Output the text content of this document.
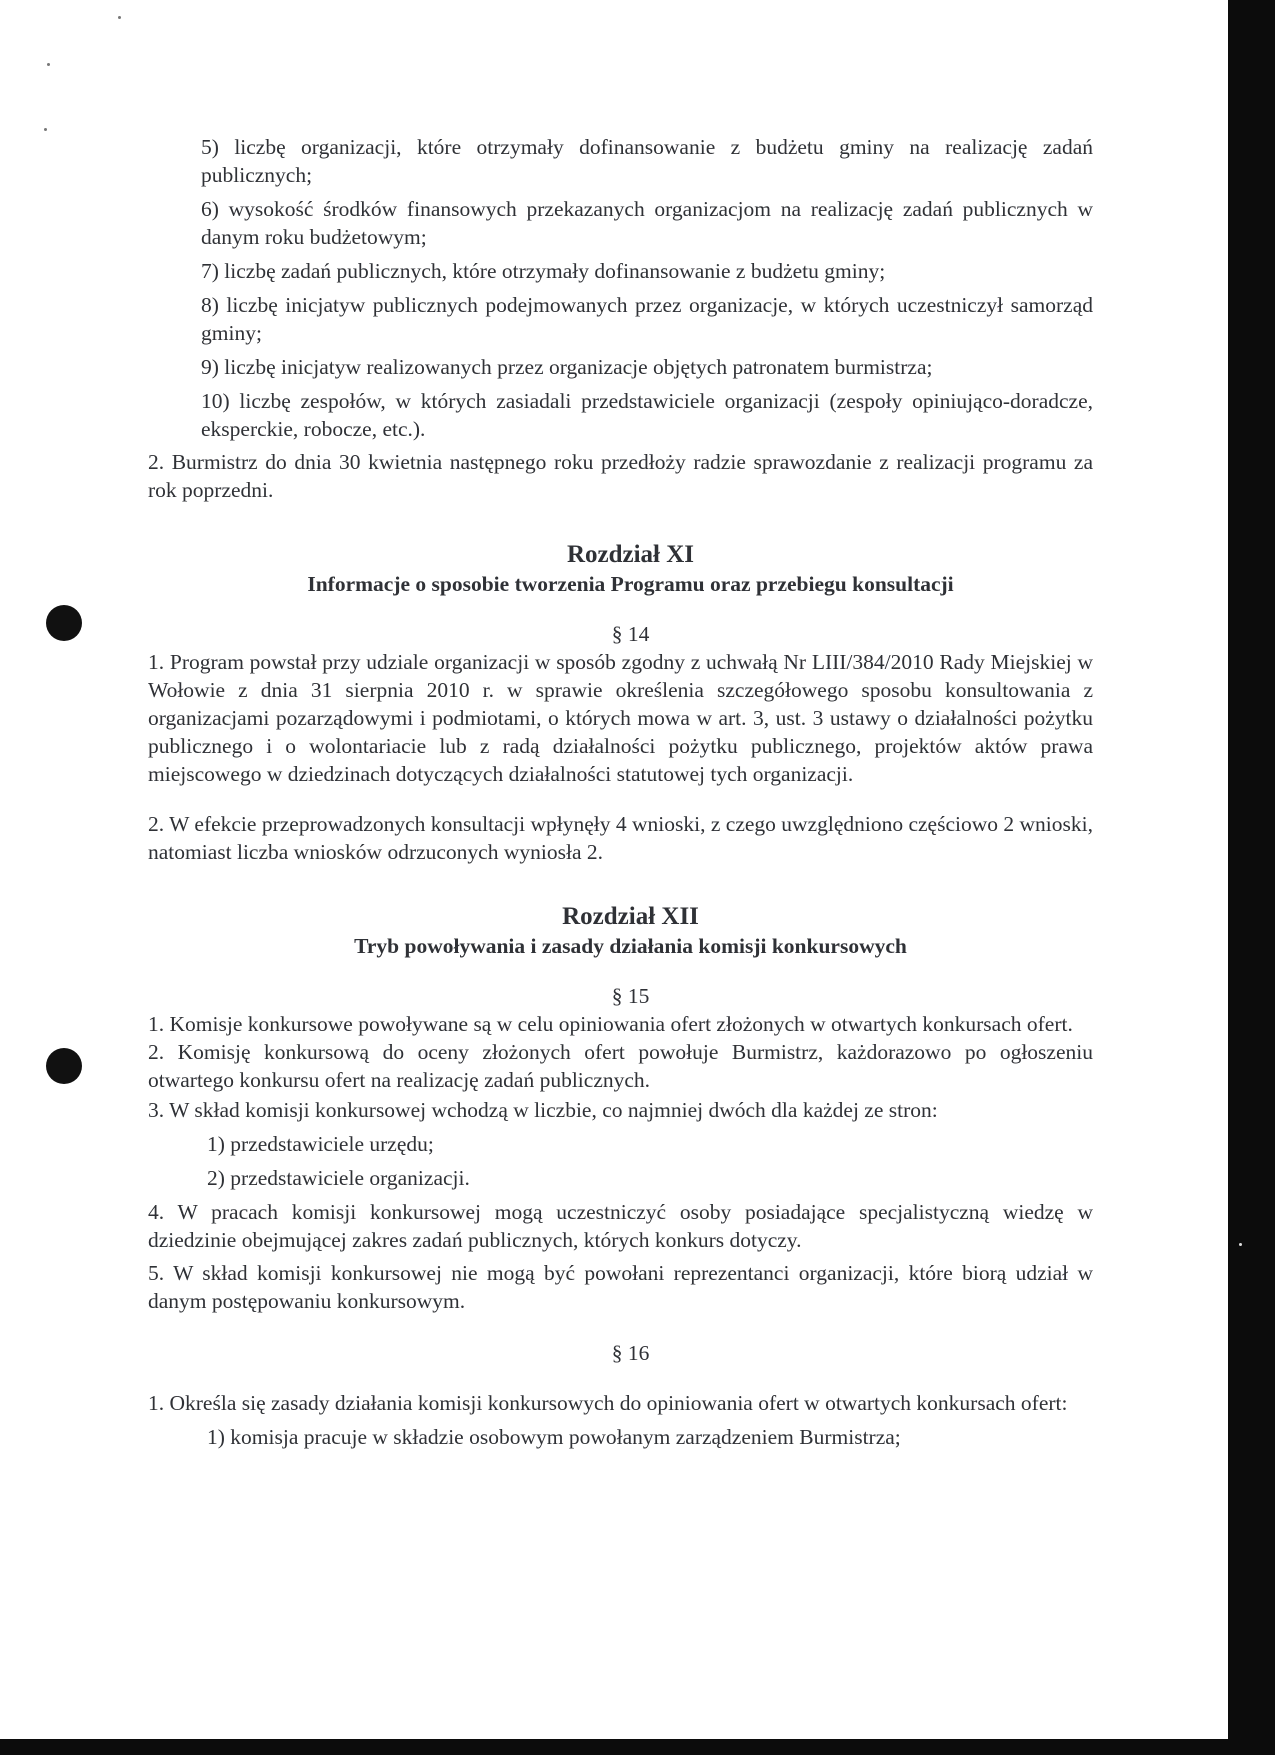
5) liczbę organizacji, które otrzymały dofinansowanie z budżetu gminy na realizację zadań publicznych;

6) wysokość środków finansowych przekazanych organizacjom na realizację zadań publicznych w danym roku budżetowym;

7) liczbę zadań publicznych, które otrzymały dofinansowanie z budżetu gminy;

8) liczbę inicjatyw publicznych podejmowanych przez organizacje, w których uczestniczył samorząd gminy;

9) liczbę inicjatyw realizowanych przez organizacje objętych patronatem burmistrza;

10) liczbę zespołów, w których zasiadali przedstawiciele organizacji (zespoły opiniująco-doradcze, eksperckie, robocze, etc.).

2. Burmistrz do dnia 30 kwietnia następnego roku przedłoży radzie sprawozdanie z realizacji programu za rok poprzedni.

Rozdział XI
Informacje o sposobie tworzenia Programu oraz przebiegu konsultacji
§ 14

1. Program powstał przy udziale organizacji w sposób zgodny z uchwałą Nr LIII/384/2010 Rady Miejskiej w Wołowie z dnia 31 sierpnia 2010 r. w sprawie określenia szczegółowego sposobu konsultowania z organizacjami pozarządowymi i podmiotami, o których mowa w art. 3, ust. 3 ustawy o działalności pożytku publicznego i o wolontariacie lub z radą działalności pożytku publicznego, projektów aktów prawa miejscowego w dziedzinach dotyczących działalności statutowej tych organizacji.

2. W efekcie przeprowadzonych konsultacji wpłynęły 4 wnioski, z czego uwzględniono częściowo 2 wnioski, natomiast liczba wniosków odrzuconych wyniosła 2.

Rozdział XII
Tryb powoływania i zasady działania komisji konkursowych
§ 15

1. Komisje konkursowe powoływane są w celu opiniowania ofert złożonych w otwartych konkursach ofert.

2. Komisję konkursową do oceny złożonych ofert powołuje Burmistrz, każdorazowo po ogłoszeniu otwartego konkursu ofert na realizację zadań publicznych.

3. W skład komisji konkursowej wchodzą w liczbie, co najmniej dwóch dla każdej ze stron:

1) przedstawiciele urzędu;

2) przedstawiciele organizacji.

4. W pracach komisji konkursowej mogą uczestniczyć osoby posiadające specjalistyczną wiedzę w dziedzinie obejmującej zakres zadań publicznych, których konkurs dotyczy.

5. W skład komisji konkursowej nie mogą być powołani reprezentanci organizacji, które biorą udział w danym postępowaniu konkursowym.

§ 16

1. Określa się zasady działania komisji konkursowych do opiniowania ofert w otwartych konkursach ofert:

1) komisja pracuje w składzie osobowym powołanym zarządzeniem Burmistrza;
